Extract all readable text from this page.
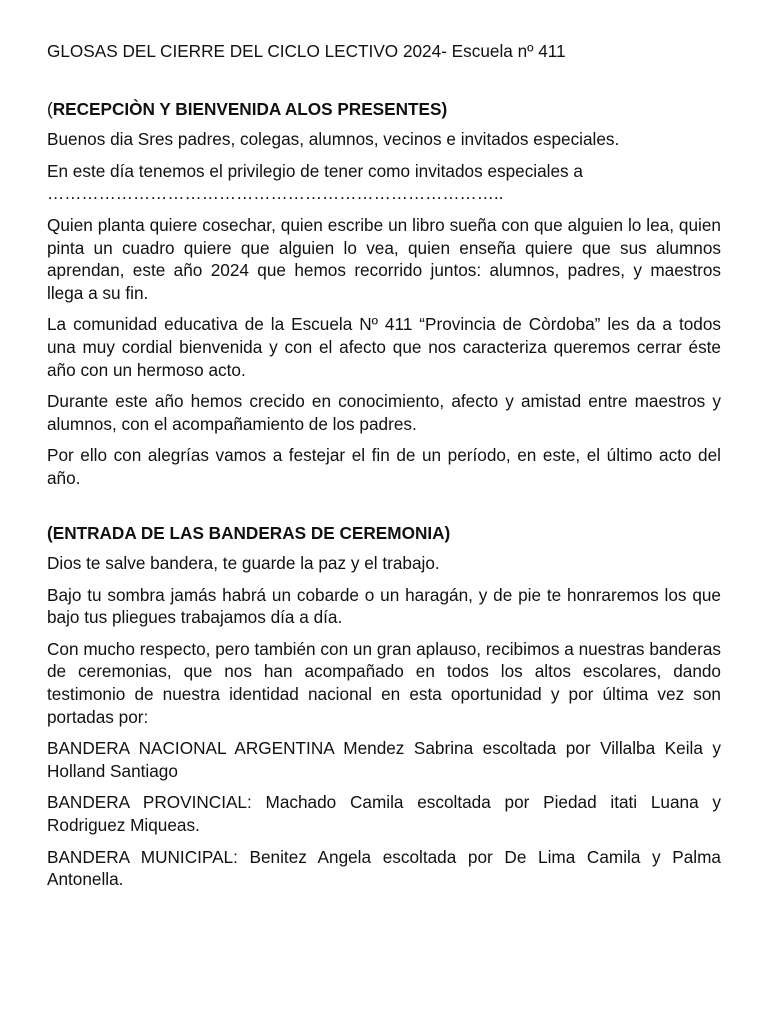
GLOSAS DEL CIERRE DEL CICLO LECTIVO 2024- Escuela nº 411

(RECEPCIÒN Y BIENVENIDA ALOS PRESENTES)

Buenos dia Sres padres, colegas, alumnos, vecinos e invitados especiales.

En este día tenemos el privilegio de tener como invitados especiales a
……………………………………………………………………..

Quien planta quiere cosechar, quien escribe un libro sueña con que alguien lo lea, quien pinta un cuadro quiere que alguien lo vea, quien enseña quiere que sus alumnos aprendan, este año 2024 que hemos recorrido juntos: alumnos, padres, y maestros llega a su fin.

La comunidad educativa de la Escuela Nº 411 “Provincia de Còrdoba” les da a todos una muy cordial bienvenida y con el afecto que nos caracteriza queremos cerrar éste año con un hermoso acto.

Durante este año hemos crecido en conocimiento, afecto y amistad entre maestros y alumnos, con el acompañamiento de los padres.

Por ello con alegrías vamos a festejar el fin de un período, en este, el último acto del año.

(ENTRADA DE LAS BANDERAS DE CEREMONIA)

Dios te salve bandera, te guarde la paz y el trabajo.

Bajo tu sombra jamás habrá un cobarde o un haragán, y de pie te honraremos los que bajo tus pliegues trabajamos día a día.

Con mucho respecto, pero también con un gran aplauso, recibimos a nuestras banderas de ceremonias, que nos han acompañado en todos los altos escolares, dando testimonio de nuestra identidad nacional en esta oportunidad y por última vez son portadas por:

BANDERA NACIONAL ARGENTINA Mendez Sabrina escoltada por Villalba Keila y Holland Santiago

BANDERA PROVINCIAL: Machado Camila escoltada por Piedad itati Luana y Rodriguez Miqueas.

BANDERA MUNICIPAL: Benitez Angela escoltada por De Lima Camila y Palma Antonella.
